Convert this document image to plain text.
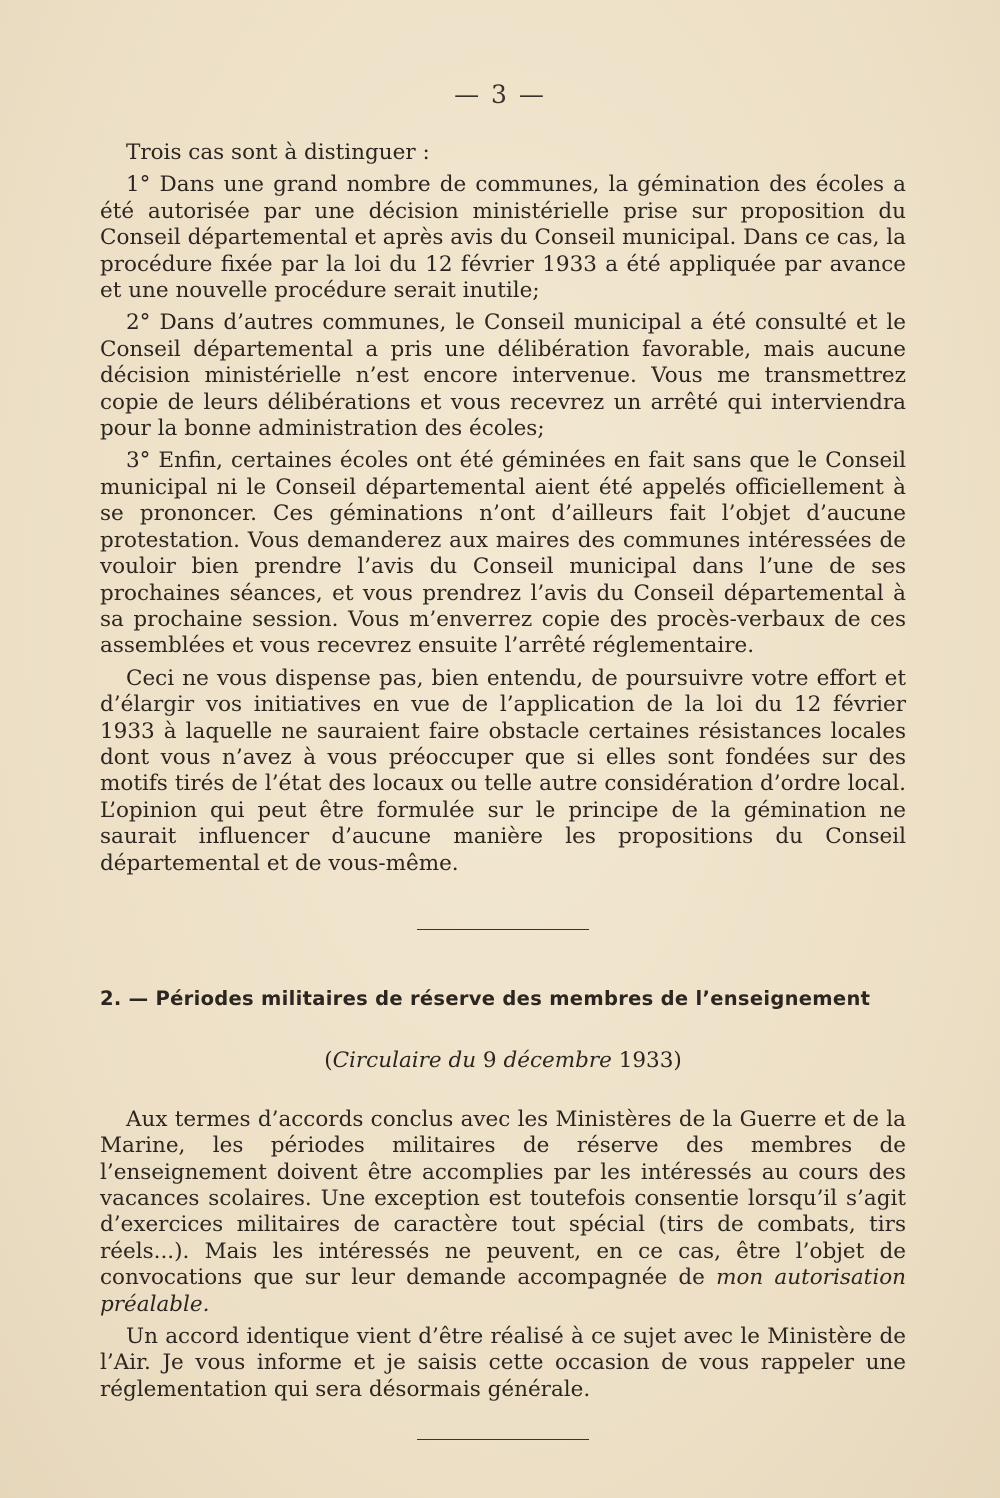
— 3 —

Trois cas sont à distinguer :

1° Dans une grand nombre de communes, la gémination des écoles a été autorisée par une décision ministérielle prise sur proposition du Conseil départemental et après avis du Conseil municipal. Dans ce cas, la procédure fixée par la loi du 12 février 1933 a été appliquée par avance et une nouvelle procédure serait inutile;

2° Dans d’autres communes, le Conseil municipal a été consulté et le Conseil départemental a pris une délibération favorable, mais aucune décision ministérielle n’est encore intervenue. Vous me transmettrez copie de leurs délibérations et vous recevrez un arrêté qui interviendra pour la bonne administration des écoles;

3° Enfin, certaines écoles ont été géminées en fait sans que le Conseil municipal ni le Conseil départemental aient été appelés officiellement à se prononcer. Ces géminations n’ont d’ailleurs fait l’objet d’aucune protestation. Vous demanderez aux maires des communes intéressées de vouloir bien prendre l’avis du Conseil municipal dans l’une de ses prochaines séances, et vous prendrez l’avis du Conseil départemental à sa prochaine session. Vous m’enverrez copie des procès-verbaux de ces assemblées et vous recevrez ensuite l’arrêté réglementaire.

Ceci ne vous dispense pas, bien entendu, de poursuivre votre effort et d’élargir vos initiatives en vue de l’application de la loi du 12 février 1933 à laquelle ne sauraient faire obstacle certaines résistances locales dont vous n’avez à vous préoccuper que si elles sont fondées sur des motifs tirés de l’état des locaux ou telle autre considération d’ordre local. L’opinion qui peut être formulée sur le principe de la gémination ne saurait influencer d’aucune manière les propositions du Conseil départemental et de vous-même.

2. — Périodes militaires de réserve des membres de l’enseignement

(Circulaire du 9 décembre 1933)

Aux termes d’accords conclus avec les Ministères de la Guerre et de la Marine, les périodes militaires de réserve des membres de l’enseignement doivent être accomplies par les intéressés au cours des vacances scolaires. Une exception est toutefois consentie lorsqu’il s’agit d’exercices militaires de caractère tout spécial (tirs de combats, tirs réels...). Mais les intéressés ne peuvent, en ce cas, être l’objet de convocations que sur leur demande accompagnée de mon autorisation préalable.

Un accord identique vient d’être réalisé à ce sujet avec le Ministère de l’Air. Je vous informe et je saisis cette occasion de vous rappeler une réglementation qui sera désormais générale.
